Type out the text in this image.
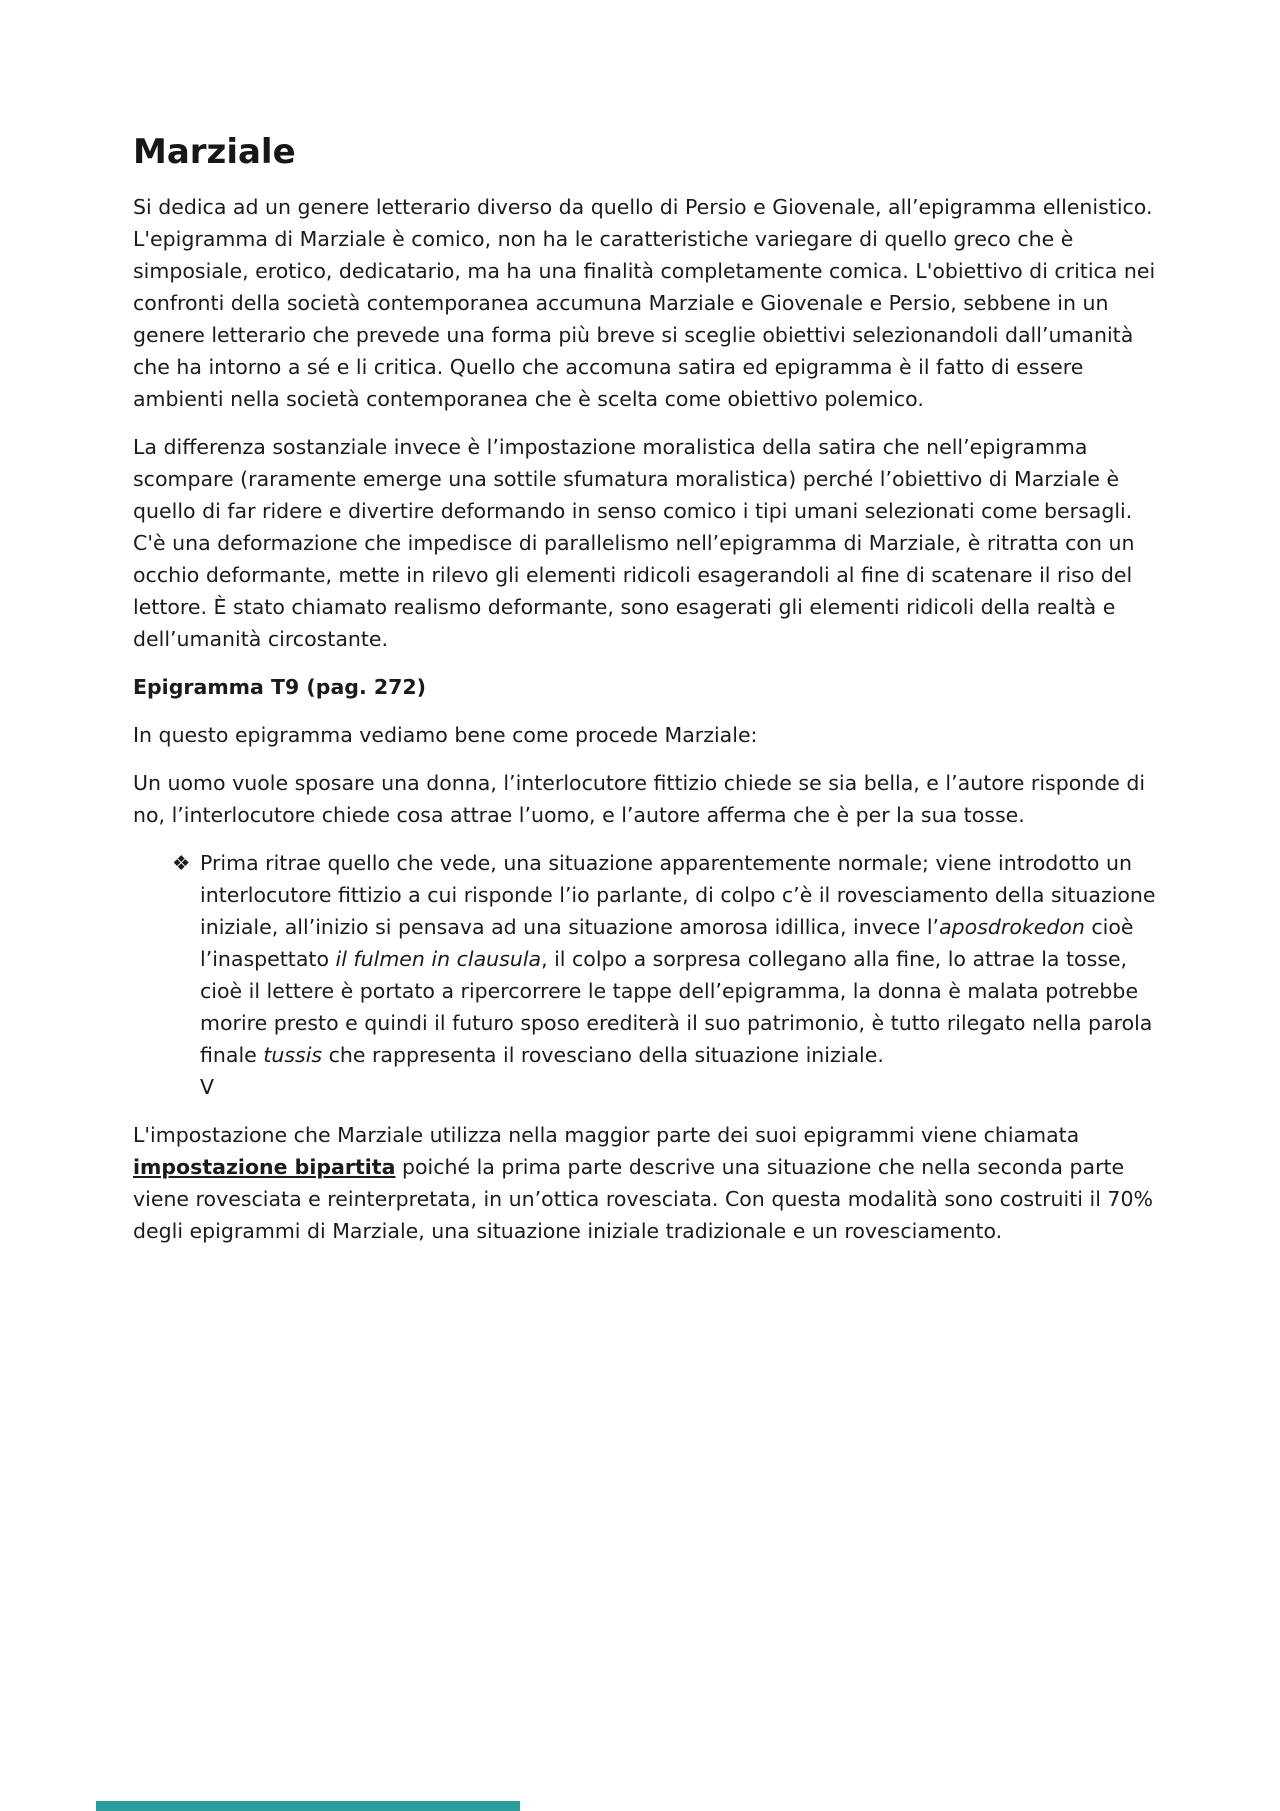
Marziale

Si dedica ad un genere letterario diverso da quello di Persio e Giovenale, all’epigramma ellenistico. L'epigramma di Marziale è comico, non ha le caratteristiche variegare di quello greco che è simposiale, erotico, dedicatario, ma ha una finalità completamente comica. L'obiettivo di critica nei confronti della società contemporanea accumuna Marziale e Giovenale e Persio, sebbene in un genere letterario che prevede una forma più breve si sceglie obiettivi selezionandoli dall’umanità che ha intorno a sé e li critica. Quello che accomuna satira ed epigramma è il fatto di essere ambienti nella società contemporanea che è scelta come obiettivo polemico.

La differenza sostanziale invece è l’impostazione moralistica della satira che nell’epigramma scompare (raramente emerge una sottile sfumatura moralistica) perché l’obiettivo di Marziale è quello di far ridere e divertire deformando in senso comico i tipi umani selezionati come bersagli. C'è una deformazione che impedisce di parallelismo nell’epigramma di Marziale, è ritratta con un occhio deformante, mette in rilevo gli elementi ridicoli esagerandoli al fine di scatenare il riso del lettore. È stato chiamato realismo deformante, sono esagerati gli elementi ridicoli della realtà e dell’umanità circostante.

Epigramma T9 (pag. 272)

In questo epigramma vediamo bene come procede Marziale:

Un uomo vuole sposare una donna, l’interlocutore fittizio chiede se sia bella, e l’autore risponde di no, l’interlocutore chiede cosa attrae l’uomo, e l’autore afferma che è per la sua tosse.

❖ Prima ritrae quello che vede, una situazione apparentemente normale; viene introdotto un interlocutore fittizio a cui risponde l’io parlante, di colpo c’è il rovesciamento della situazione iniziale, all’inizio si pensava ad una situazione amorosa idillica, invece l’aposdrokedon cioè l’inaspettato il fulmen in clausula, il colpo a sorpresa collegano alla fine, lo attrae la tosse, cioè il lettere è portato a ripercorrere le tappe dell’epigramma, la donna è malata potrebbe morire presto e quindi il futuro sposo erediterà il suo patrimonio, è tutto rilegato nella parola finale tussis che rappresenta il rovesciano della situazione iniziale.
V

L'impostazione che Marziale utilizza nella maggior parte dei suoi epigrammi viene chiamata impostazione bipartita poiché la prima parte descrive una situazione che nella seconda parte viene rovesciata e reinterpretata, in un’ottica rovesciata. Con questa modalità sono costruiti il 70% degli epigrammi di Marziale, una situazione iniziale tradizionale e un rovesciamento.
